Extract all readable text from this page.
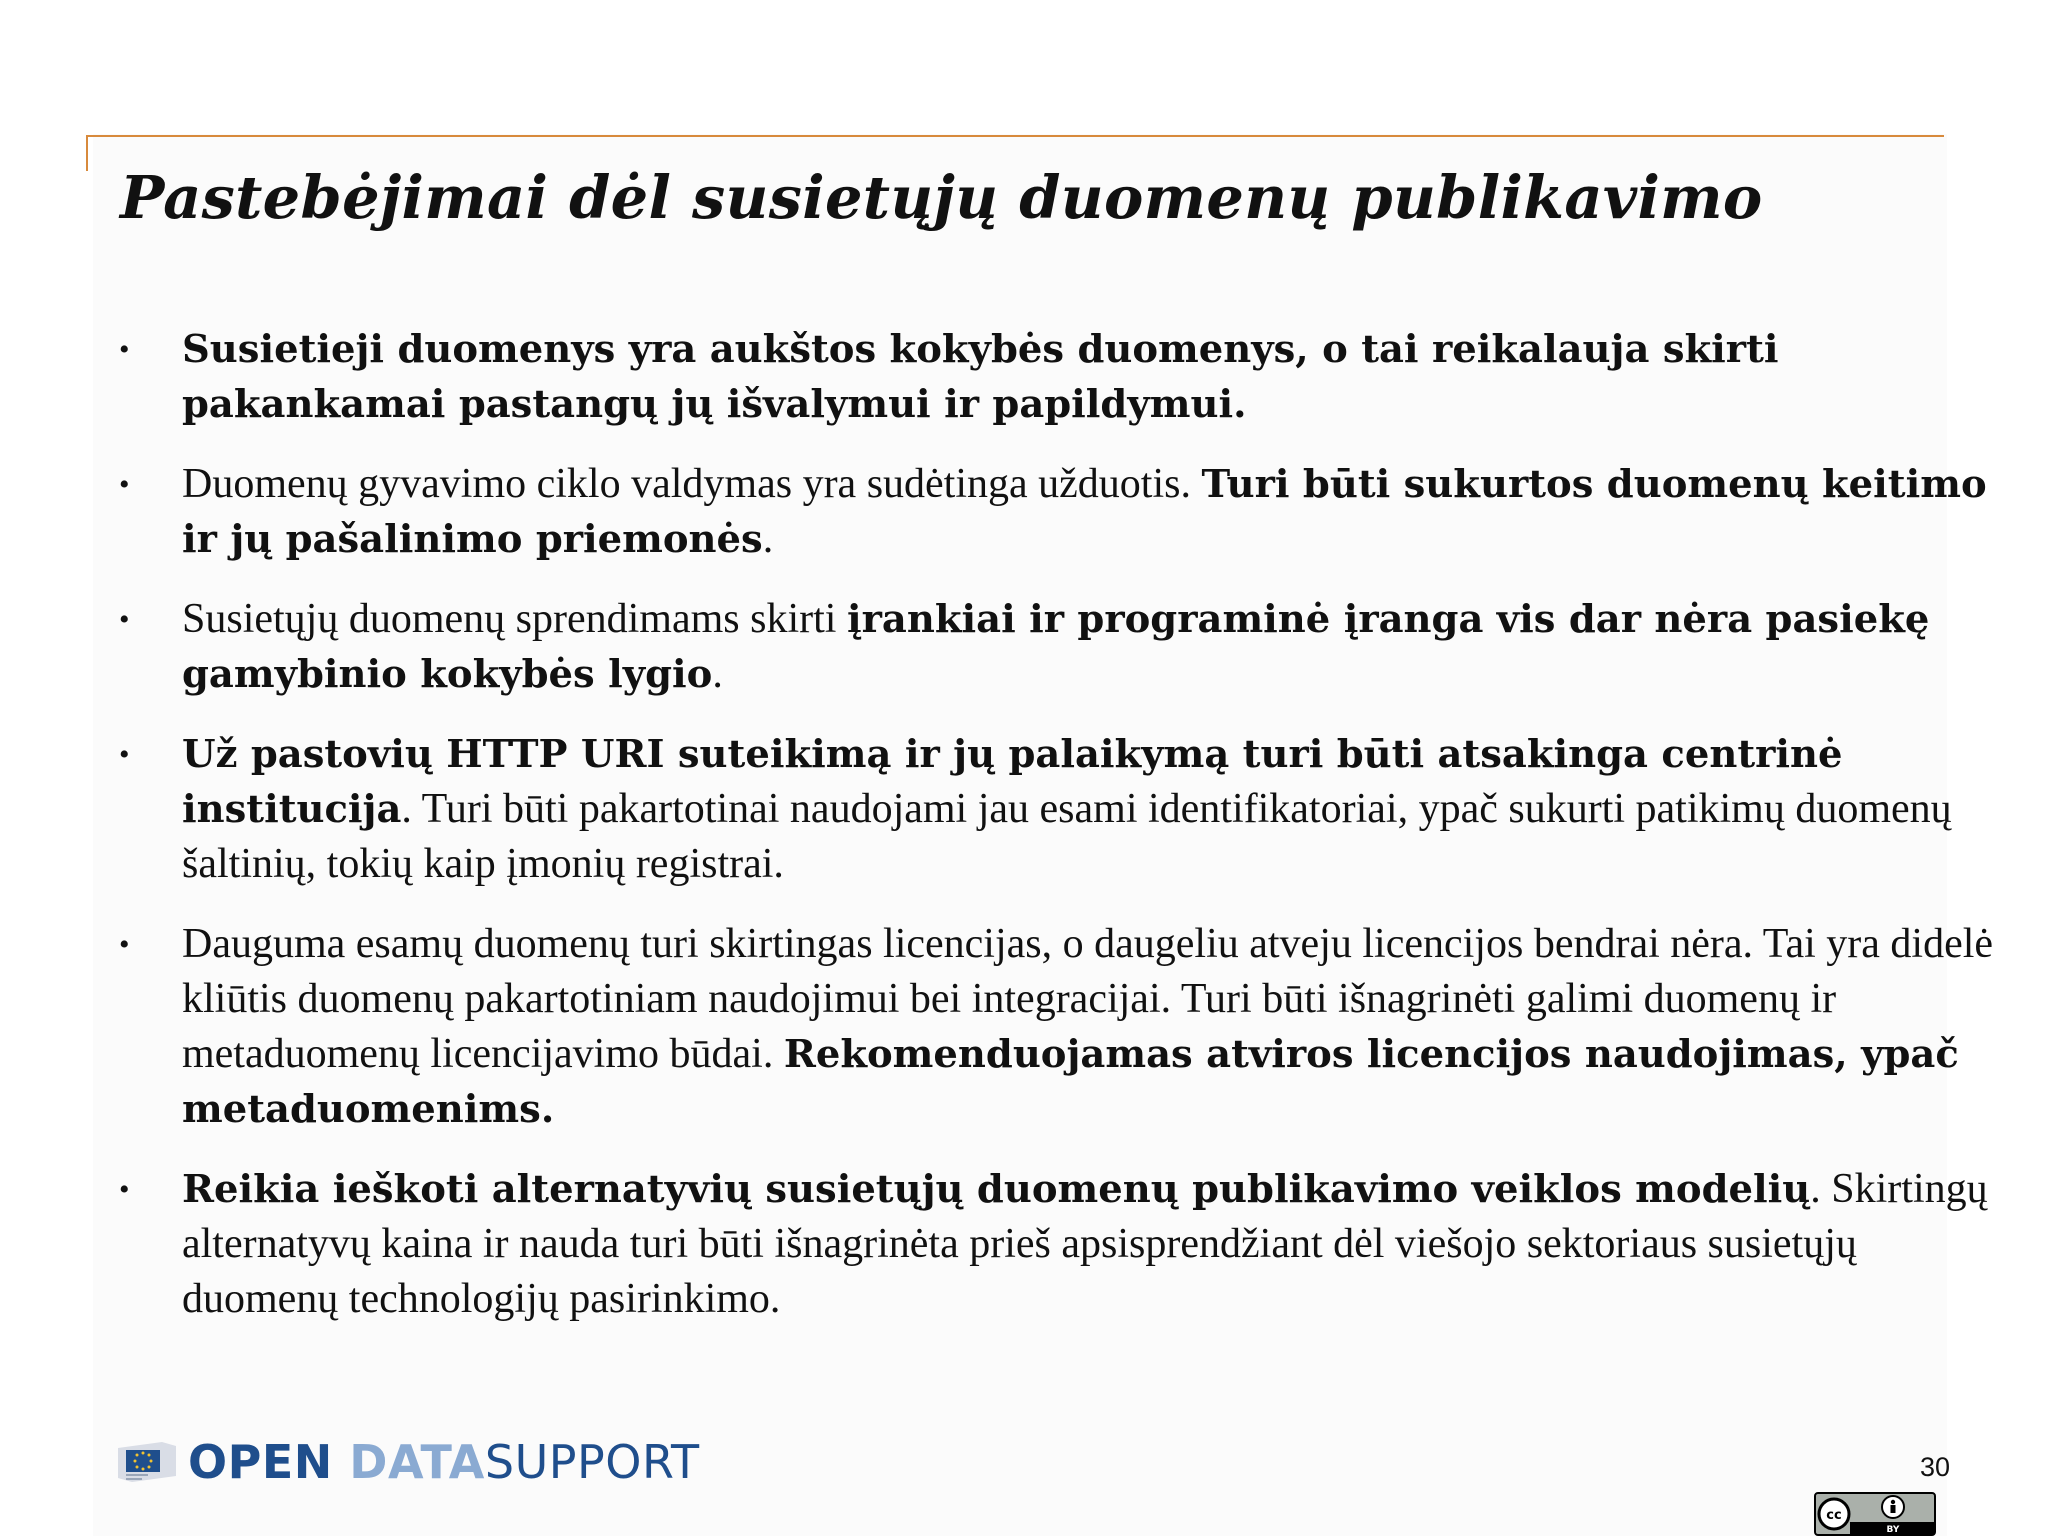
Pastebėjimai dėl susietųjų duomenų publikavimo
•	Susietieji duomenys yra aukštos kokybės duomenys, o tai reikalauja skirti pakankamai pastangų jų išvalymui ir papildymui.
•	Duomenų gyvavimo ciklo valdymas yra sudėtinga užduotis. Turi būti sukurtos duomenų keitimo ir jų pašalinimo priemonės.
•	Susietųjų duomenų sprendimams skirti įrankiai ir programinė įranga vis dar nėra pasiekę gamybinio kokybės lygio.
•	Už pastovių HTTP URI suteikimą ir jų palaikymą turi būti atsakinga centrinė institucija. Turi būti pakartotinai naudojami jau esami identifikatoriai, ypač sukurti patikimų duomenų šaltinių, tokių kaip įmonių registrai.
•	Dauguma esamų duomenų turi skirtingas licencijas, o daugeliu atveju licencijos bendrai nėra. Tai yra didelė kliūtis duomenų pakartotiniam naudojimui bei integracijai. Turi būti išnagrinėti galimi duomenų ir metaduomenų licencijavimo būdai. Rekomenduojamas atviros licencijos naudojimas, ypač metaduomenims.
•	Reikia ieškoti alternatyvių susietųjų duomenų publikavimo veiklos modelių. Skirtingų alternatyvų kaina ir nauda turi būti išnagrinėta prieš apsisprendžiant dėl viešojo sektoriaus susietųjų duomenų technologijų pasirinkimo.
OPEN DATASUPPORT	30
cc
BY
